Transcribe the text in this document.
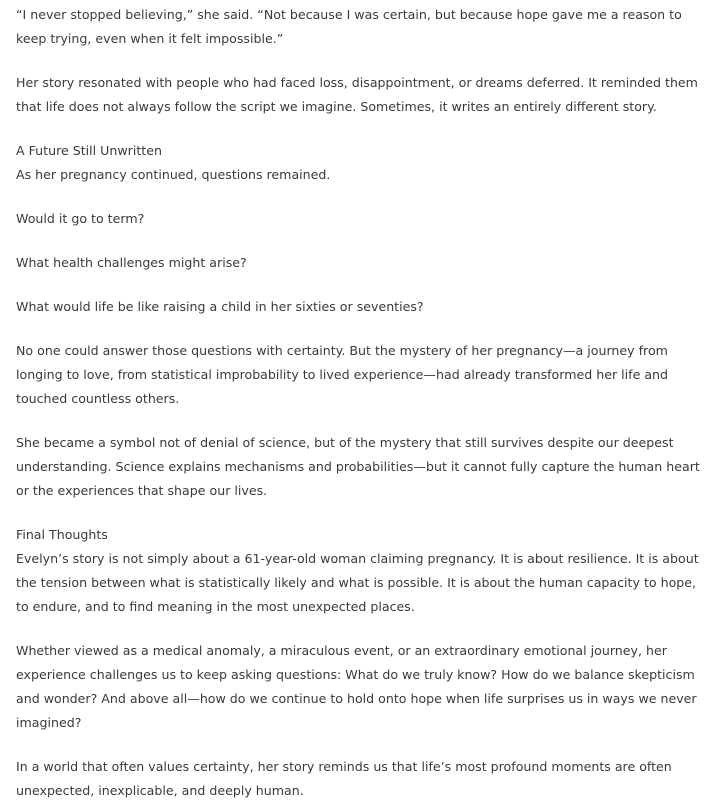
“I never stopped believing,” she said. “Not because I was certain, but because hope gave me a reason to keep trying, even when it felt impossible.”

Her story resonated with people who had faced loss, disappointment, or dreams deferred. It reminded them that life does not always follow the script we imagine. Sometimes, it writes an entirely different story.

A Future Still Unwritten

As her pregnancy continued, questions remained.

Would it go to term?

What health challenges might arise?

What would life be like raising a child in her sixties or seventies?

No one could answer those questions with certainty. But the mystery of her pregnancy—a journey from longing to love, from statistical improbability to lived experience—had already transformed her life and touched countless others.

She became a symbol not of denial of science, but of the mystery that still survives despite our deepest understanding. Science explains mechanisms and probabilities—but it cannot fully capture the human heart or the experiences that shape our lives.

Final Thoughts

Evelyn’s story is not simply about a 61-year-old woman claiming pregnancy. It is about resilience. It is about the tension between what is statistically likely and what is possible. It is about the human capacity to hope, to endure, and to find meaning in the most unexpected places.

Whether viewed as a medical anomaly, a miraculous event, or an extraordinary emotional journey, her experience challenges us to keep asking questions: What do we truly know? How do we balance skepticism and wonder? And above all—how do we continue to hold onto hope when life surprises us in ways we never imagined?

In a world that often values certainty, her story reminds us that life’s most profound moments are often unexpected, inexplicable, and deeply human.
